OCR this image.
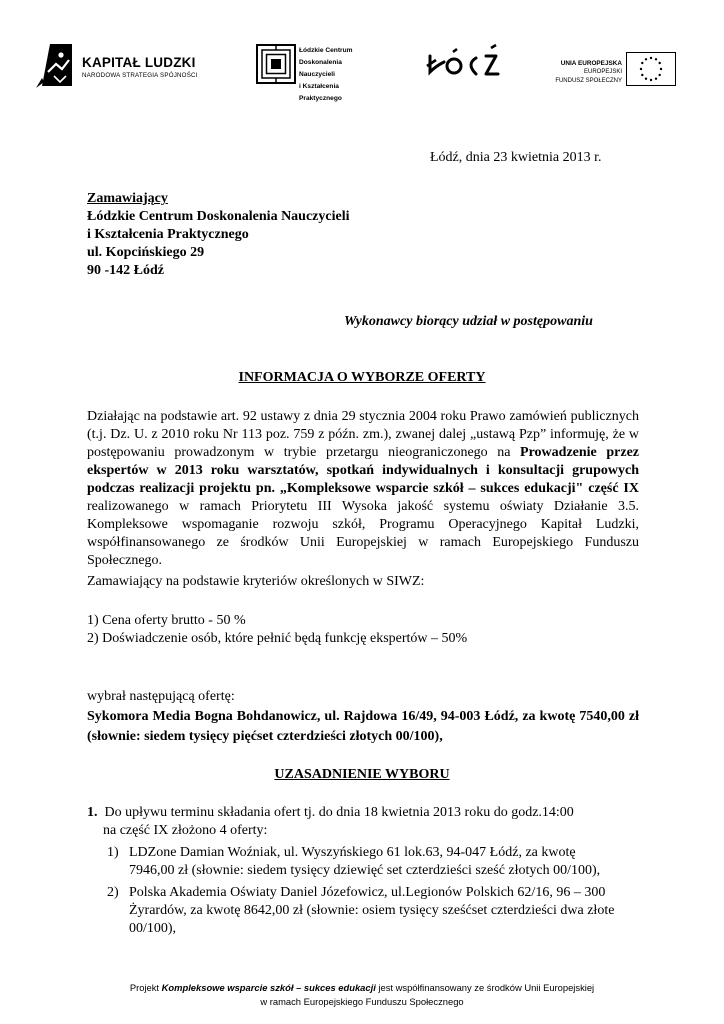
KAPITAŁ LUDZKI
NARODOWA STRATEGIA SPÓJNOŚCI
Łódzkie Centrum
Doskonalenia Nauczycieli
i Kształcenia Praktycznego
UNIA EUROPEJSKA
EUROPEJSKI
FUNDUSZ SPOŁECZNY
Łódź, dnia 23 kwietnia 2013 r.
Zamawiający
Łódzkie Centrum Doskonalenia Nauczycieli
i Kształcenia Praktycznego
ul. Kopcińskiego 29
90 -142 Łódź
Wykonawcy biorący udział w postępowaniu
INFORMACJA O WYBORZE OFERTY
Działając na podstawie art. 92 ustawy z dnia 29 stycznia 2004 roku Prawo zamówień publicznych (t.j. Dz. U. z 2010 roku Nr 113 poz. 759 z późn. zm.), zwanej dalej „ustawą Pzp” informuję, że w postępowaniu prowadzonym w trybie przetargu nieograniczonego na Prowadzenie przez ekspertów w 2013 roku warsztatów, spotkań indywidualnych i konsultacji grupowych podczas realizacji projektu pn. „Kompleksowe wsparcie szkół – sukces edukacji" część IX realizowanego w ramach Priorytetu III Wysoka jakość systemu oświaty Działanie 3.5. Kompleksowe wspomaganie rozwoju szkół, Programu Operacyjnego Kapitał Ludzki, współfinansowanego ze środków Unii Europejskiej w ramach Europejskiego Funduszu Społecznego.
Zamawiający na podstawie kryteriów określonych w SIWZ:
1) Cena oferty brutto - 50 %
2) Doświadczenie osób, które pełnić będą funkcję ekspertów – 50%
wybrał następującą ofertę:
Sykomora Media Bogna Bohdanowicz, ul. Rajdowa 16/49, 94-003 Łódź, za kwotę 7540,00 zł (słownie: siedem tysięcy pięćset czterdzieści złotych 00/100),
UZASADNIENIE WYBORU
1. Do upływu terminu składania ofert tj. do dnia 18 kwietnia 2013 roku do godz.14:00
na część IX złożono 4 oferty:
1) LDZone Damian Woźniak, ul. Wyszyńskiego 61 lok.63, 94-047 Łódź, za kwotę
7946,00 zł (słownie: siedem tysięcy dziewięć set czterdzieści sześć złotych 00/100),
2) Polska Akademia Oświaty Daniel Józefowicz, ul.Legionów Polskich 62/16, 96 – 300
Żyrardów, za kwotę 8642,00 zł (słownie: osiem tysięcy sześćset czterdzieści dwa złote
00/100),
Projekt Kompleksowe wsparcie szkół – sukces edukacji jest współfinansowany ze środków Unii Europejskiej
w ramach Europejskiego Funduszu Społecznego
